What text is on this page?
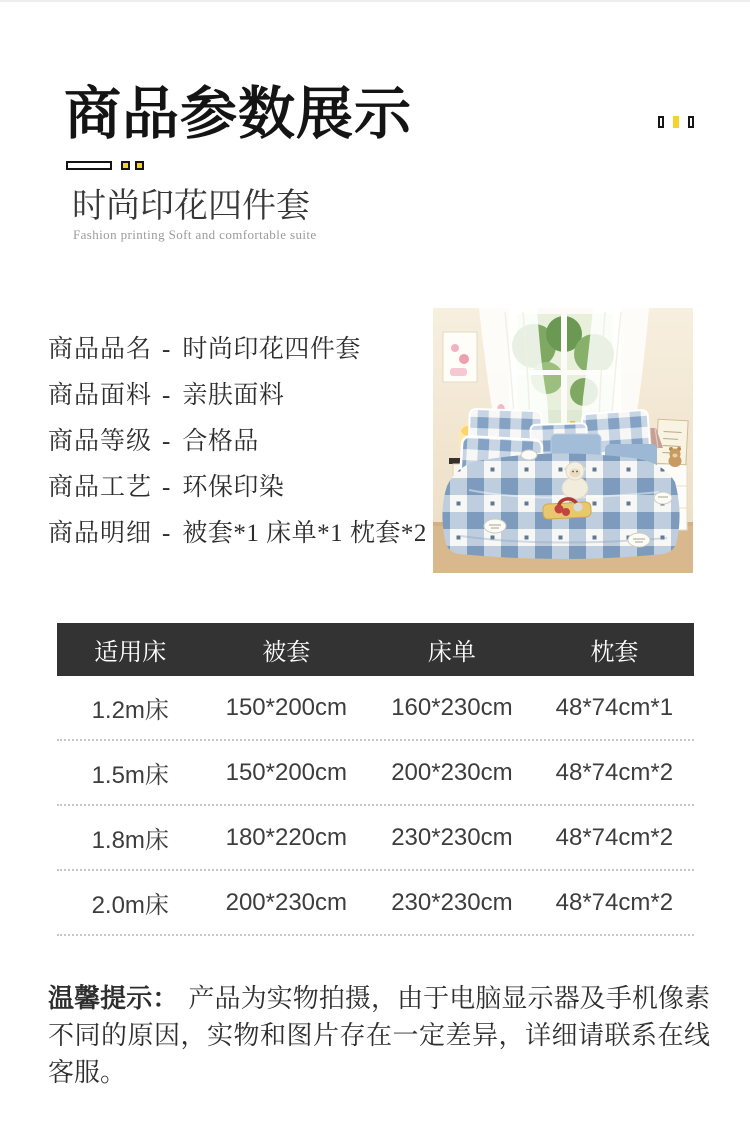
商品参数展示
时尚印花四件套

Fashion printing Soft and comfortable suite

商品品名 - 时尚印花四件套
商品面料 - 亲肤面料
商品等级 - 合格品
商品工艺 - 环保印染
商品明细 - 被套*1 床单*1 枕套*2
适用床	被套	床单	枕套
1.2m床	150*200cm	160*230cm	48*74cm*1
1.5m床	150*200cm	200*230cm	48*74cm*2
1.8m床	180*220cm	230*230cm	48*74cm*2
2.0m床	200*230cm	230*230cm	48*74cm*2

温馨提示： 产品为实物拍摄，由于电脑显示器及手机像素不同的原因，实物和图片存在一定差异，详细请联系在线客服。
